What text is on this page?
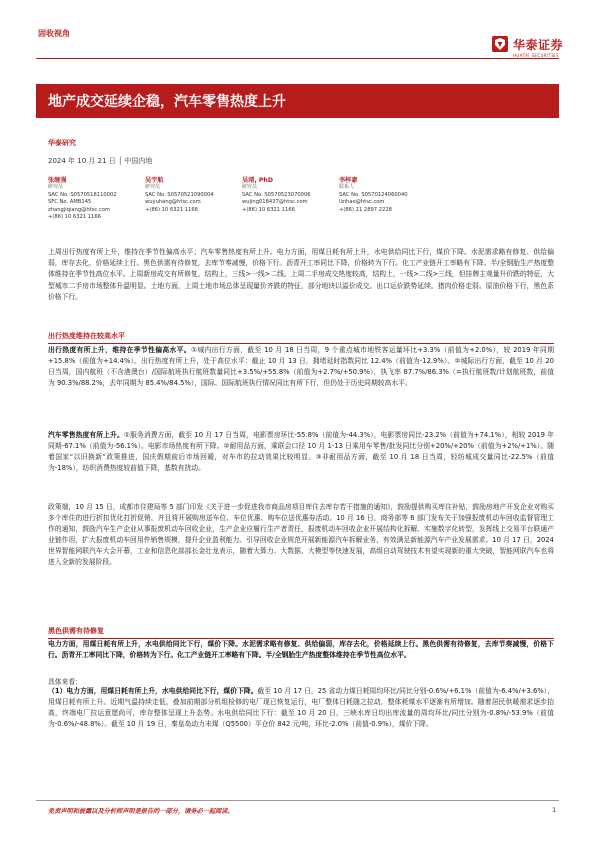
固收视角
华泰证券
HUATAI SECURITIES
地产成交延续企稳，汽车零售热度上升
华泰研究
2024 年 10 月 21 日 │ 中国内地
张继强
研究员
SAC No. S0570518110002
SFC No. AMB145
zhangjiqiang@htsc.com
+(86) 10 6321 1166
吴宇航
研究员
SAC No. S0570521090004
wuyuhang@htsc.com
+(86) 10 6321 1166
吴靖, PhD
研究员
SAC No. S0570523070006
wujing018437@htsc.com
+(86) 10 6321 1166
李梓豪
联系人
SAC No. S0570124060040
lizihao@htsc.com
+(86) 21 2897 2228
上周出行热度有所上升，维持在季节性偏高水平；汽车零售热度有所上升。电力方面，用煤日耗有所上升，水电供给同比下行，煤价下降。水泥需求略有修复、供给偏弱，库存去化，价格延续上行。黑色供需有待修复，去库节奏减慢，价格下行。沥青开工率同比下降，价格转为下行。化工产业链开工率略有下降。半/全钢胎生产热度整体维持在季节性高位水平。上周新房成交有所修复，结构上，三线>一线>二线。上周二手房成交热度较高，结构上，一线>二线>三线，但挂牌主观量升价跌的特征，大型城市二手房市场整体升温明显。土地方面，上周土地市场总体呈现量价齐跌的特征，部分地块以溢价成交。出口运价跌势延续。猪肉价格走弱。原油价格下行，黑色系价格下行。
出行热度维持在较高水平
出行热度有所上升，维持在季节性偏高水平。①城内出行方面，截至 10 月 18 日当周，9 个重点城市地铁客运量环比+3.3%（前值为+2.0%），较 2019 年同期+15.8%（前值为+14.4%）。出行热度有所上升，处于高位水平：截止 10 月 13 日，拥堵延时指数同比 12.4%（前值为-12.9%）。②城际出行方面，截至 10 月 20 日当周，国内航班（不含港澳台）/国际航班执行航班数量同比+3.5%/+55.8%（前值为+2.7%/+50.9%），执飞率 87.7%/86.3%（=执行航班数/计划航班数，前值为 90.3%/88.2%，去年同期为 85.4%/84.5%），国际、国际航班执行情况同比有所下行，但仍处于历史同期较高水平。
汽车零售热度有所上升。①服务消费方面，截至 10 月 17 日当周，电影票房环比-55.8%（前值为-44.3%），电影票房同比-23.2%（前值为+74.1%），相较 2019 年同期-67.1%（前值为-56.1%）。电影市场热度有所下降。②耐用品方面，乘联会口径 10 月 1-13 日乘用车零售/批发同比分别+20%/+20%（前值为+2%/+1%）。随着国家“以旧换新”政策推进，国庆假期前后市场回暖，对车市的拉动效果比较明显。③非耐用品方面，截至 10 月 18 日当周，轻纺城成交量同比-22.5%（前值为-18%），纺织消费热度较前值下降，基数有扰动。
政策端，10 月 15 日，成都市住建局等 5 部门印发《关于进一步促进我市商品房项目库住去库存若干措施的通知》，鼓励提供购买库住补贴，鼓励房地产开发企业对购买多个库住的进行折扣优化打折促销，并且将开展购房送车位、车位优惠、购车位送优惠券活动。10 月 16 日，商务部等 6 部门发布关于加强报废机动车回收监督管理工作的通知，鼓励汽车生产企业从事报废机动车回收企业，生产企业应履行生产者责任，报废机动车回收企业开展结构化拆解、实施数字化转型，发挥线上交易平台联通产业链作用，扩大报废机动车回用件销售规模，提升企业盈利能力。引导回收企业规范开展新能源汽车拆解业务，有效满足新能源汽车产业发展需求。10 月 17 日，2024 世界智能网联汽车大会开幕，工业和信息化部部长金壮龙表示，随着大算力、大数据、大模型等快速发展，高级自动驾驶技术有望实现新的重大突破，智能网联汽车也将进入全新的发展阶段。
黑色供需有待修复
电力方面，用煤日耗有所上升，水电供给同比下行，煤价下降。水泥需求略有修复、供给偏弱，库存去化，价格延续上行。黑色供需有待修复，去库节奏减慢，价格下行。沥青开工率同比下降，价格转为下行。化工产业链开工率略有下降。半/全钢胎生产热度整体维持在季节性高位水平。
具体来看：
（1）电力方面，用煤日耗有所上升，水电供给同比下行，煤价下降。截至 10 月 17 日，25 省动力煤日耗周均环比/同比分别-0.6%/+6.1%（前值为-6.4%/+3.6%），用煤日耗有所上升。近期气温持续走低，叠加前期部分机组检修的电厂现已恢复运行，电厂整体日耗随之拉动，整体耗煤水平逐渐有所增加。随着居民供暖需求逐步抬高，终端电厂拉运意愿尚可，库存整体呈现上升态势。水电供给同比下行：截至 10 月 20 日，三峡水库日均出库流量的周均环比/同比分别为-0.8%/-53.9%（前值为-0.6%/-48.8%）。截至 10 月 19 日，秦皇岛动力末煤（Q5500）平仓价 842 元/吨，环比-2.0%（前值-0.9%），煤价下降。
免责声明和披露以及分析师声明是报告的一部分，请务必一起阅读。	1
